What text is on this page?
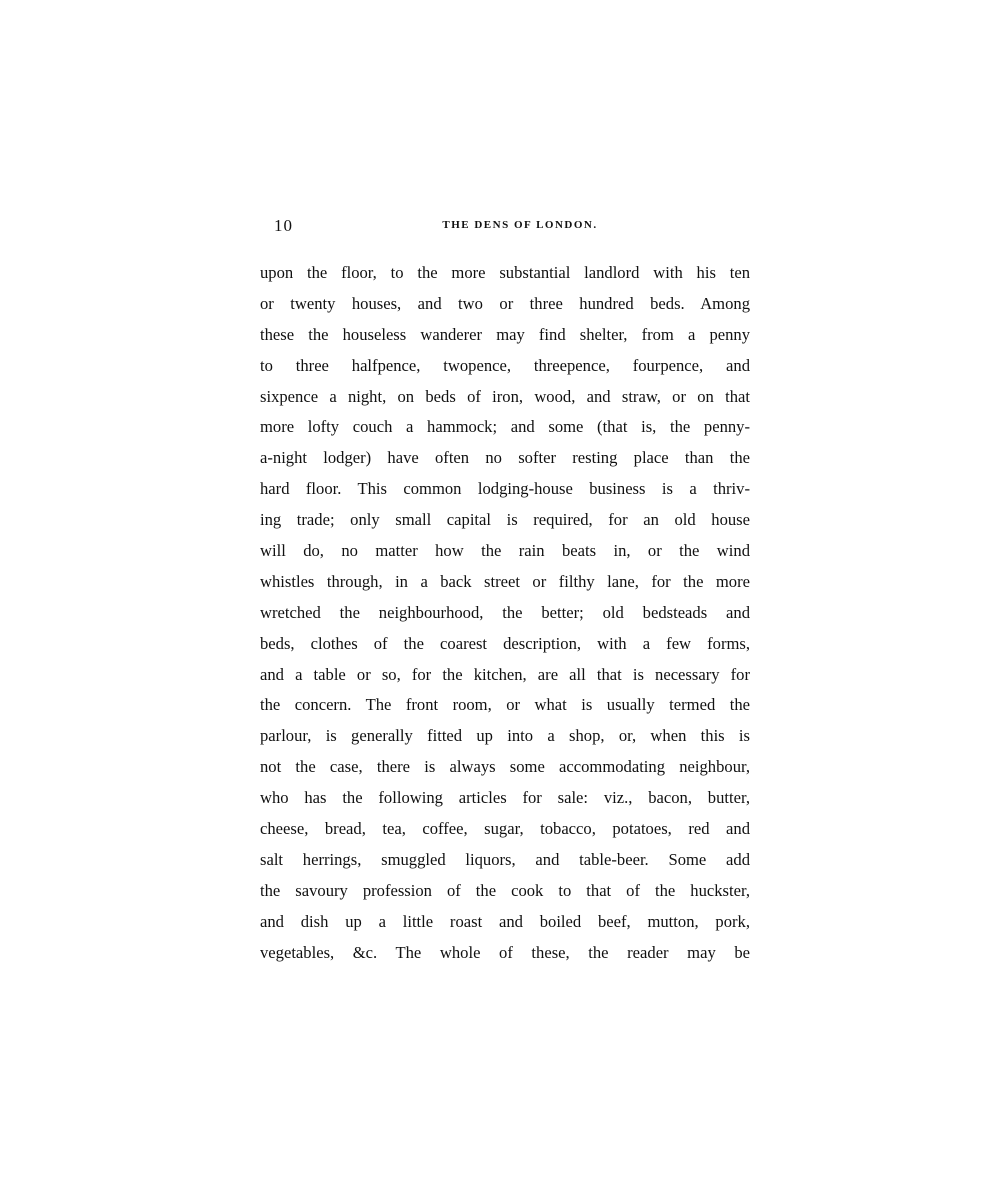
10	THE DENS OF LONDON.
upon the floor, to the more substantial landlord with his ten
or twenty houses, and two or three hundred beds. Among
these the houseless wanderer may find shelter, from a penny
to three halfpence, twopence, threepence, fourpence, and
sixpence a night, on beds of iron, wood, and straw, or on that
more lofty couch a hammock; and some (that is, the penny-
a-night lodger) have often no softer resting place than the
hard floor. This common lodging-house business is a thriv-
ing trade; only small capital is required, for an old house
will do, no matter how the rain beats in, or the wind
whistles through, in a back street or filthy lane, for the more
wretched the neighbourhood, the better; old bedsteads and
beds, clothes of the coarest description, with a few forms,
and a table or so, for the kitchen, are all that is necessary for
the concern. The front room, or what is usually termed the
parlour, is generally fitted up into a shop, or, when this is
not the case, there is always some accommodating neighbour,
who has the following articles for sale: viz., bacon, butter,
cheese, bread, tea, coffee, sugar, tobacco, potatoes, red and
salt herrings, smuggled liquors, and table-beer. Some add
the savoury profession of the cook to that of the huckster,
and dish up a little roast and boiled beef, mutton, pork,
vegetables, &c. The whole of these, the reader may be
